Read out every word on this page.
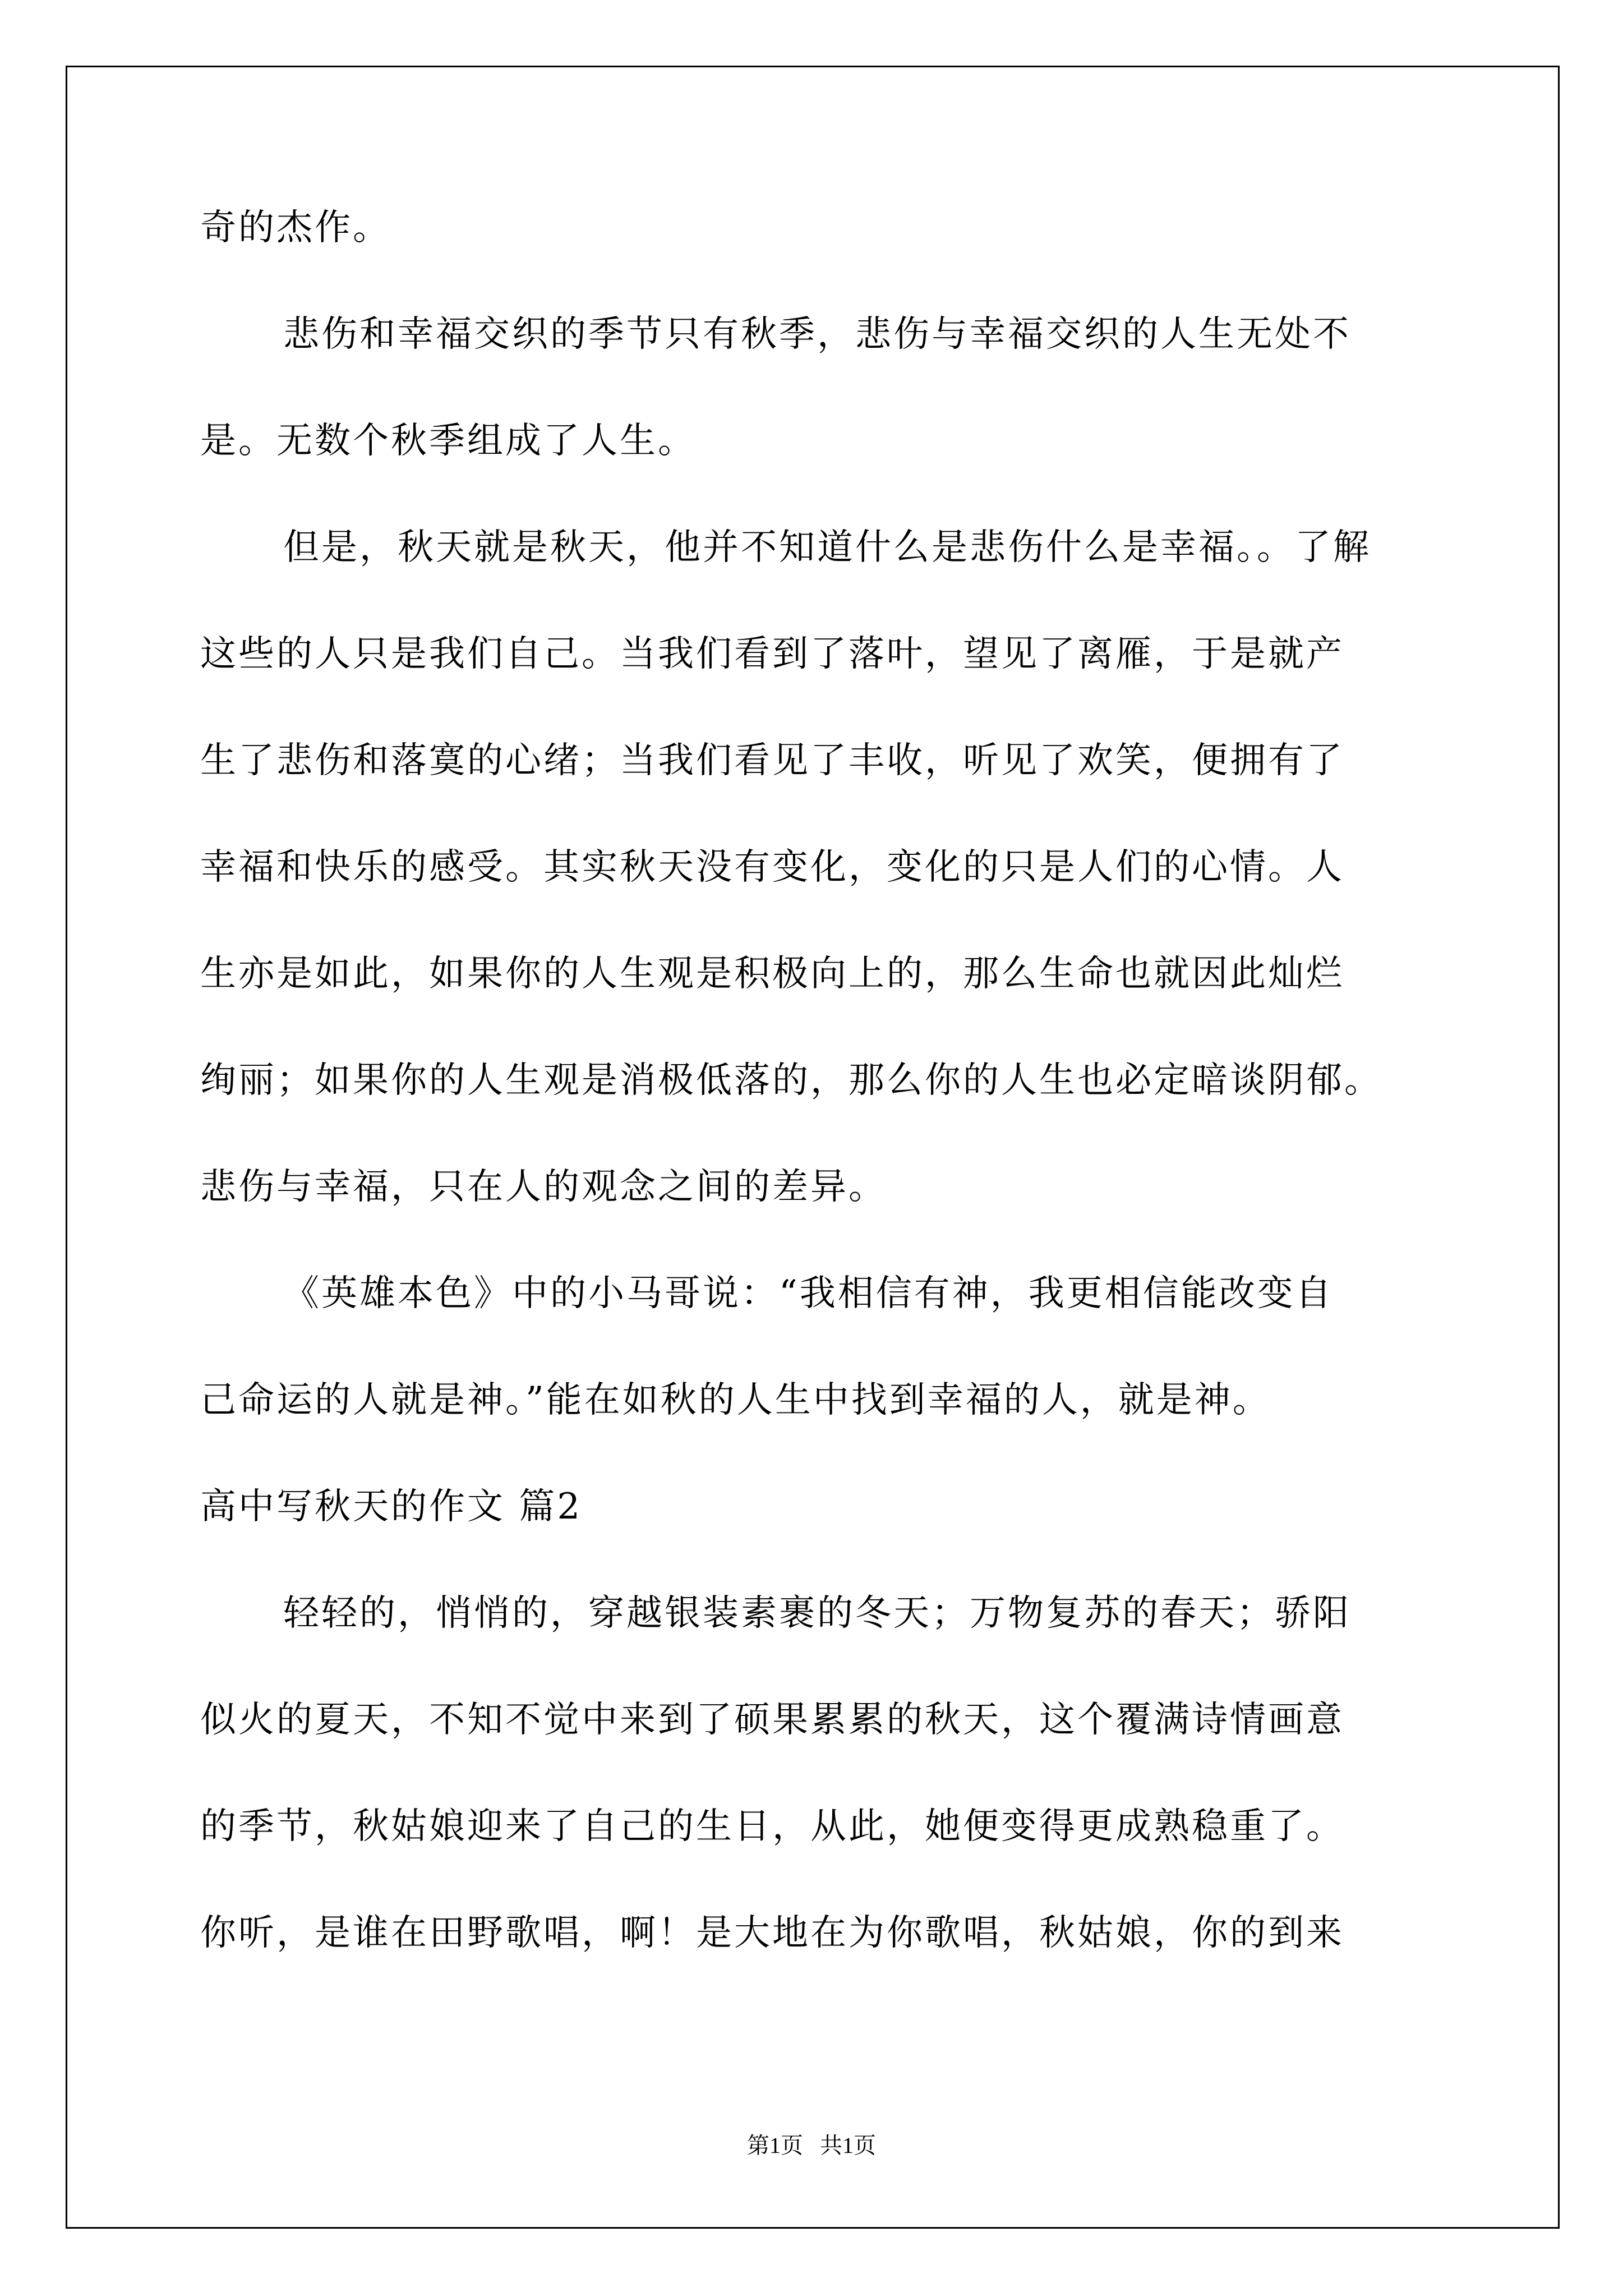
奇的杰作。
悲伤和幸福交织的季节只有秋季，悲伤与幸福交织的人生无处不
是。无数个秋季组成了人生。
但是，秋天就是秋天，他并不知道什么是悲伤什么是幸福。。了解
这些的人只是我们自己。当我们看到了落叶，望见了离雁，于是就产
生了悲伤和落寞的心绪；当我们看见了丰收，听见了欢笑，便拥有了
幸福和快乐的感受。其实秋天没有变化，变化的只是人们的心情。人
生亦是如此，如果你的人生观是积极向上的，那么生命也就因此灿烂
绚丽；如果你的人生观是消极低落的，那么你的人生也必定暗谈阴郁。
悲伤与幸福，只在人的观念之间的差异。
《英雄本色》中的小马哥说：“我相信有神，我更相信能改变自
己命运的人就是神。”能在如秋的人生中找到幸福的人，就是神。
高中写秋天的作文 篇2
轻轻的，悄悄的，穿越银装素裹的冬天；万物复苏的春天；骄阳
似火的夏天，不知不觉中来到了硕果累累的秋天，这个覆满诗情画意
的季节，秋姑娘迎来了自己的生日，从此，她便变得更成熟稳重了。
你听，是谁在田野歌唱，啊！是大地在为你歌唱，秋姑娘，你的到来
第1页   共1页
